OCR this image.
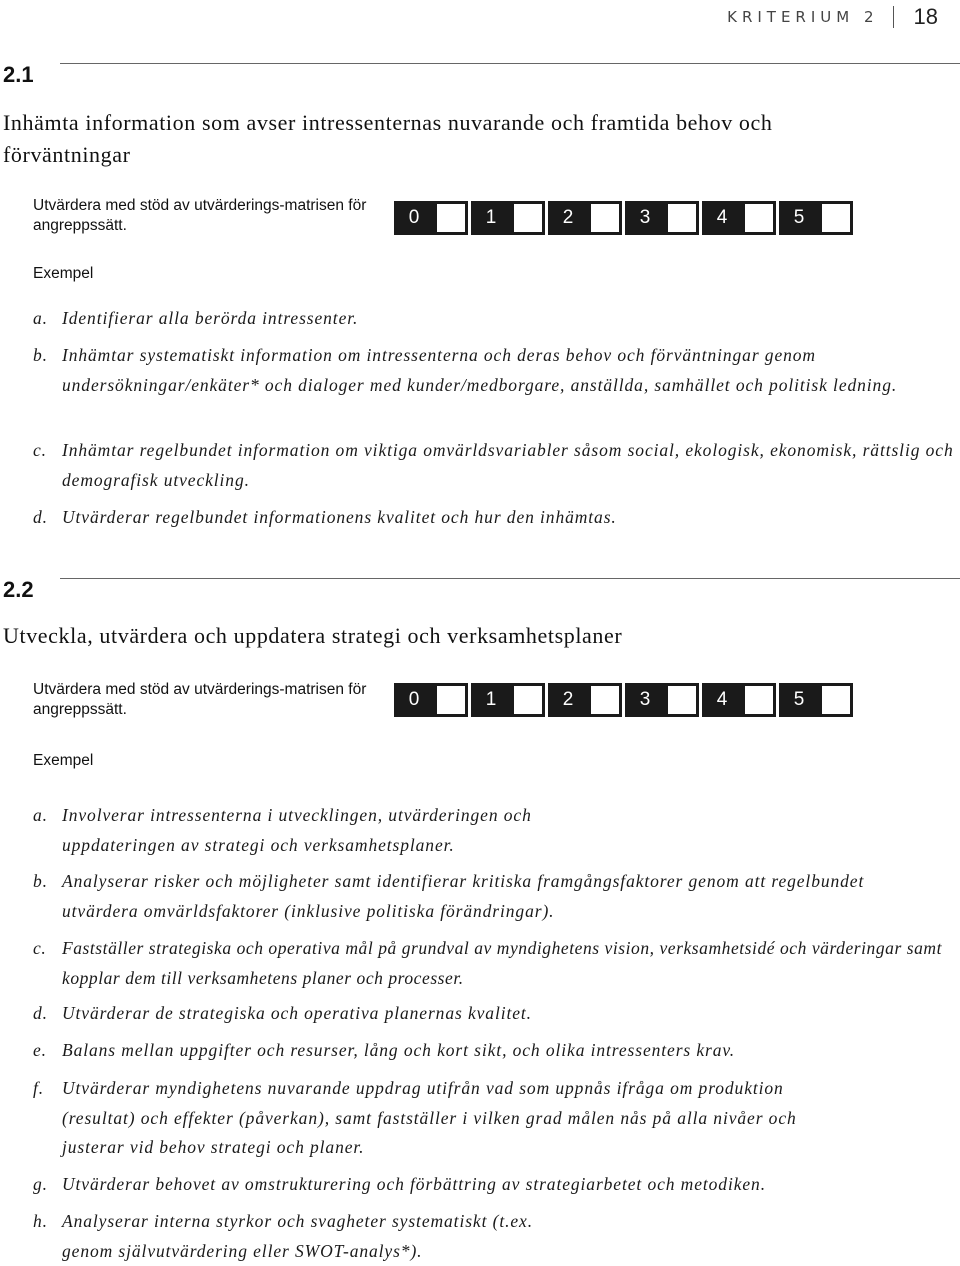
KRITERIUM 2 18
2.1
Inhämta information som avser intressenternas nuvarande och framtida behov och förväntningar
Utvärdera med stöd av utvärderings-matrisen för angreppssätt.	0	1	2	3	4	5
Exempel
a. Identifierar alla berörda intressenter.
b. Inhämtar systematiskt information om intressenterna och deras behov och förväntningar genom undersökningar/enkäter* och dialoger med kunder/medborgare, anställda, samhället och politisk ledning.
c. Inhämtar regelbundet information om viktiga omvärldsvariabler såsom social, ekologisk, ekonomisk, rättslig och demografisk utveckling.
d. Utvärderar regelbundet informationens kvalitet och hur den inhämtas.
2.2
Utveckla, utvärdera och uppdatera strategi och verksamhetsplaner
Utvärdera med stöd av utvärderings-matrisen för angreppssätt.	0	1	2	3	4	5
Exempel
a. Involverar intressenterna i utvecklingen, utvärderingen och uppdateringen av strategi och verksamhetsplaner.
b. Analyserar risker och möjligheter samt identifierar kritiska framgångsfaktorer genom att regelbundet utvärdera omvärldsfaktorer (inklusive politiska förändringar).
c. Fastställer strategiska och operativa mål på grundval av myndighetens vision, verksamhetsidé och värderingar samt kopplar dem till verksamhetens planer och processer.
d. Utvärderar de strategiska och operativa planernas kvalitet.
e. Balans mellan uppgifter och resurser, lång och kort sikt, och olika intressenters krav.
f.	Utvärderar myndighetens nuvarande uppdrag utifrån vad som uppnås ifråga om produktion (resultat) och effekter (påverkan), samt fastställer i vilken grad målen nås på alla nivåer och justerar vid behov strategi och planer.
g. Utvärderar behovet av omstrukturering och förbättring av strategiarbetet och metodiken.
h. Analyserar interna styrkor och svagheter systematiskt (t.ex. genom självutvärdering eller SWOT-analys*).
